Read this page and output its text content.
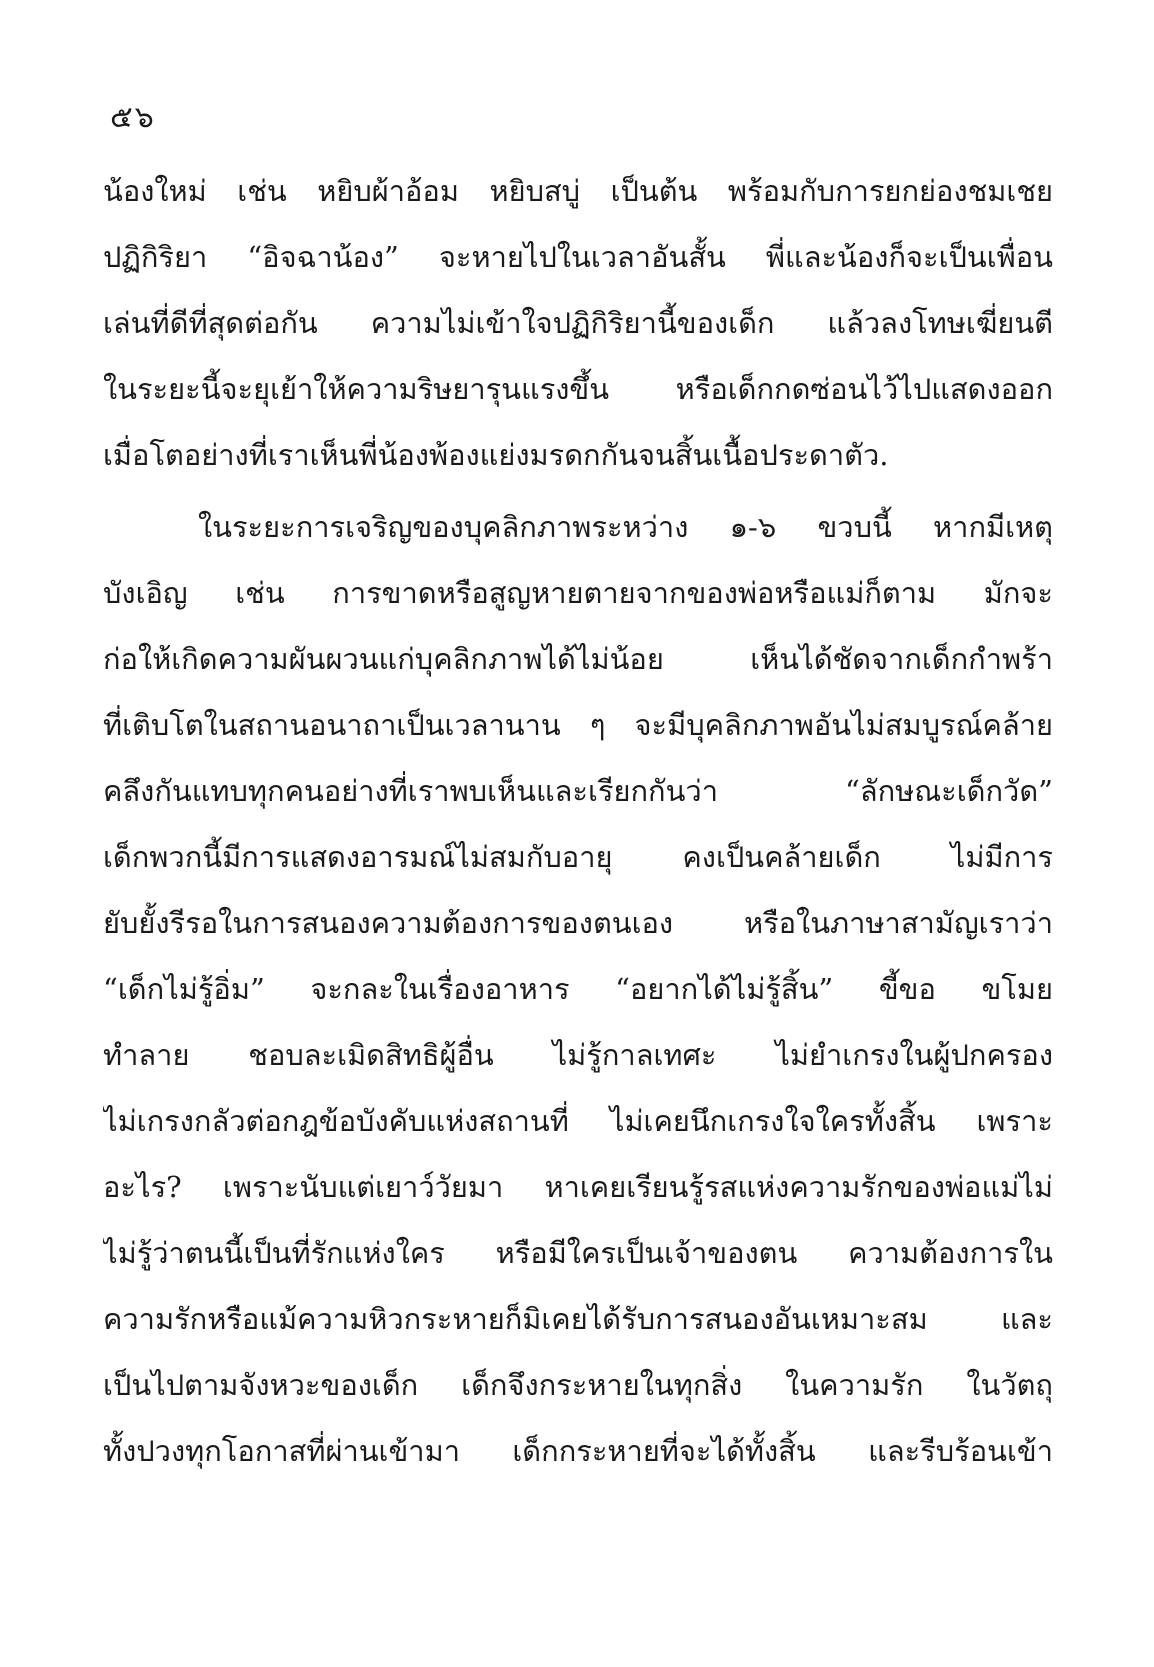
๕๖
น้องใหม่ เช่น หยิบผ้าอ้อม หยิบสบู่ เป็นต้น พร้อมกับการยกย่องชมเชย
ปฏิกิริยา “อิจฉาน้อง” จะหายไปในเวลาอันสั้น พี่และน้องก็จะเป็นเพื่อน
เล่นที่ดีที่สุดต่อกัน ความไม่เข้าใจปฏิกิริยานี้ของเด็ก แล้วลงโทษเฆี่ยนตี
ในระยะนี้จะยุเย้าให้ความริษยารุนแรงขึ้น หรือเด็กกดซ่อนไว้ไปแสดงออก
เมื่อโตอย่างที่เราเห็นพี่น้องพ้องแย่งมรดกกันจนสิ้นเนื้อประดาตัว.
ในระยะการเจริญของบุคลิกภาพระหว่าง ๑-๖ ขวบนี้ หากมีเหตุ
บังเอิญ เช่น การขาดหรือสูญหายตายจากของพ่อหรือแม่ก็ตาม มักจะ
ก่อให้เกิดความผันผวนแก่บุคลิกภาพได้ไม่น้อย เห็นได้ชัดจากเด็กกำพร้า
ที่เติบโตในสถานอนาถาเป็นเวลานาน ๆ จะมีบุคลิกภาพอันไม่สมบูรณ์คล้าย
คลึงกันแทบทุกคนอย่างที่เราพบเห็นและเรียกกันว่า “ลักษณะเด็กวัด”
เด็กพวกนี้มีการแสดงอารมณ์ไม่สมกับอายุ คงเป็นคล้ายเด็ก ไม่มีการ
ยับยั้งรีรอในการสนองความต้องการของตนเอง หรือในภาษาสามัญเราว่า
“เด็กไม่รู้อิ่ม” จะกละในเรื่องอาหาร “อยากได้ไม่รู้สิ้น” ขี้ขอ ขโมย
ทำลาย ชอบละเมิดสิทธิผู้อื่น ไม่รู้กาลเทศะ ไม่ยำเกรงในผู้ปกครอง
ไม่เกรงกลัวต่อกฎข้อบังคับแห่งสถานที่ ไม่เคยนึกเกรงใจใครทั้งสิ้น เพราะ
อะไร? เพราะนับแต่เยาว์วัยมา หาเคยเรียนรู้รสแห่งความรักของพ่อแม่ไม่
ไม่รู้ว่าตนนี้เป็นที่รักแห่งใคร หรือมีใครเป็นเจ้าของตน ความต้องการใน
ความรักหรือแม้ความหิวกระหายก็มิเคยได้รับการสนองอันเหมาะสม และ
เป็นไปตามจังหวะของเด็ก เด็กจึงกระหายในทุกสิ่ง ในความรัก ในวัตถุ
ทั้งปวงทุกโอกาสที่ผ่านเข้ามา เด็กกระหายที่จะได้ทั้งสิ้น และรีบร้อนเข้า
